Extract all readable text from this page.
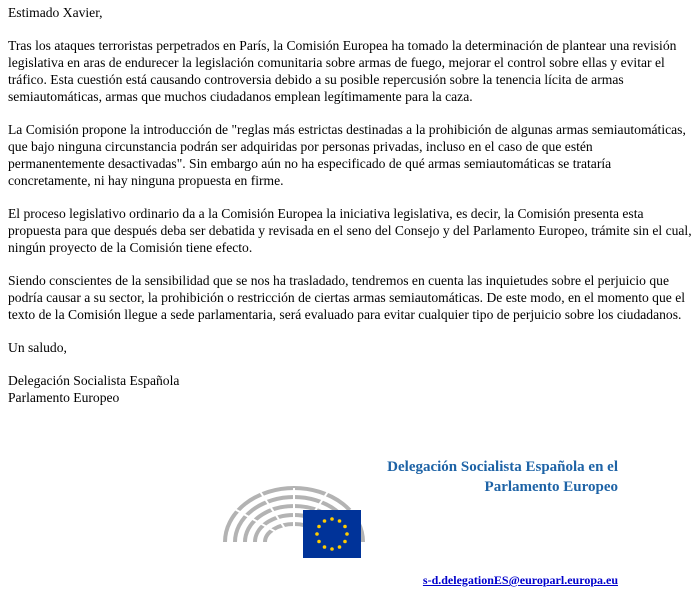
Estimado Xavier,

Tras los ataques terroristas perpetrados en París, la Comisión Europea ha tomado la determinación de plantear una revisión legislativa en aras de endurecer la legislación comunitaria sobre armas de fuego, mejorar el control sobre ellas y evitar el tráfico. Esta cuestión está causando controversia debido a su posible repercusión sobre la tenencia lícita de armas semiautomáticas, armas que muchos ciudadanos emplean legítimamente para la caza.

La Comisión propone la introducción de "reglas más estrictas destinadas a la prohibición de algunas armas semiautomáticas, que bajo ninguna circunstancia podrán ser adquiridas por personas privadas, incluso en el caso de que estén permanentemente desactivadas". Sin embargo aún no ha especificado de qué armas semiautomáticas se trataría concretamente, ni hay ninguna propuesta en firme.

El proceso legislativo ordinario da a la Comisión Europea la iniciativa legislativa, es decir, la Comisión presenta esta propuesta para que después deba ser debatida y revisada en el seno del Consejo y del Parlamento Europeo, trámite sin el cual, ningún proyecto de la Comisión tiene efecto.

Siendo conscientes de la sensibilidad que se nos ha trasladado, tendremos en cuenta las inquietudes sobre el perjuicio que podría causar a su sector, la prohibición o restricción de ciertas armas semiautomáticas. De este modo, en el momento que el texto de la Comisión llegue a sede parlamentaria, será evaluado para evitar cualquier tipo de perjuicio sobre los ciudadanos.

Un saludo,

Delegación Socialista Española

Parlamento Europeo

Delegación Socialista Española en el
Parlamento Europeo
s-d.delegationES@europarl.europa.eu
